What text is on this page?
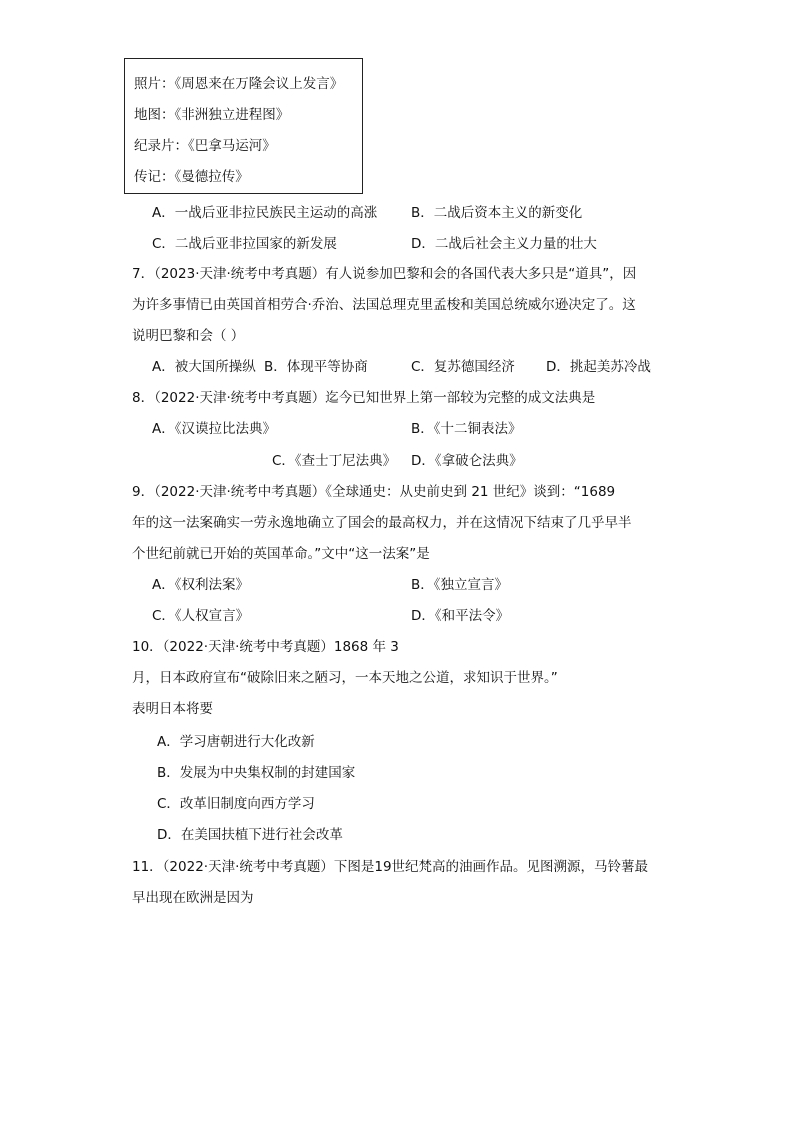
照片：《周恩来在万隆会议上发言》
地图：《非洲独立进程图》
纪录片：《巴拿马运河》
传记：《曼德拉传》
A．一战后亚非拉民族民主运动的高涨	B．二战后资本主义的新变化
C．二战后亚非拉国家的新发展	D．二战后社会主义力量的壮大
7．（2023·天津·统考中考真题）有人说参加巴黎和会的各国代表大多只是“道具”，因
为许多事情已由英国首相劳合·乔治、法国总理克里孟梭和美国总统威尔逊决定了。这
说明巴黎和会（ ）
A．被大国所操纵 B．体现平等协商	C．复苏德国经济 D．挑起美苏冷战
8．（2022·天津·统考中考真题）迄今已知世界上第一部较为完整的成文法典是
A．《汉谟拉比法典》	B．《十二铜表法》
C．《查士丁尼法典》 D．《拿破仑法典》
9．（2022·天津·统考中考真题）《全球通史：从史前史到 21 世纪》谈到：“1689
年的这一法案确实一劳永逸地确立了国会的最高权力，并在这情况下结束了几乎早半
个世纪前就已开始的英国革命。”文中“这一法案”是
A．《权利法案》	B．《独立宣言》
C．《人权宣言》	D．《和平法令》
10．（2022·天津·统考中考真题）1868 年 3
月，日本政府宣布“破除旧来之陋习，一本天地之公道，求知识于世界。”
表明日本将要
A．学习唐朝进行大化改新
B．发展为中央集权制的封建国家
C．改革旧制度向西方学习
D．在美国扶植下进行社会改革
11．（2022·天津·统考中考真题）下图是19世纪梵高的油画作品。见图溯源，马铃薯最
早出现在欧洲是因为
